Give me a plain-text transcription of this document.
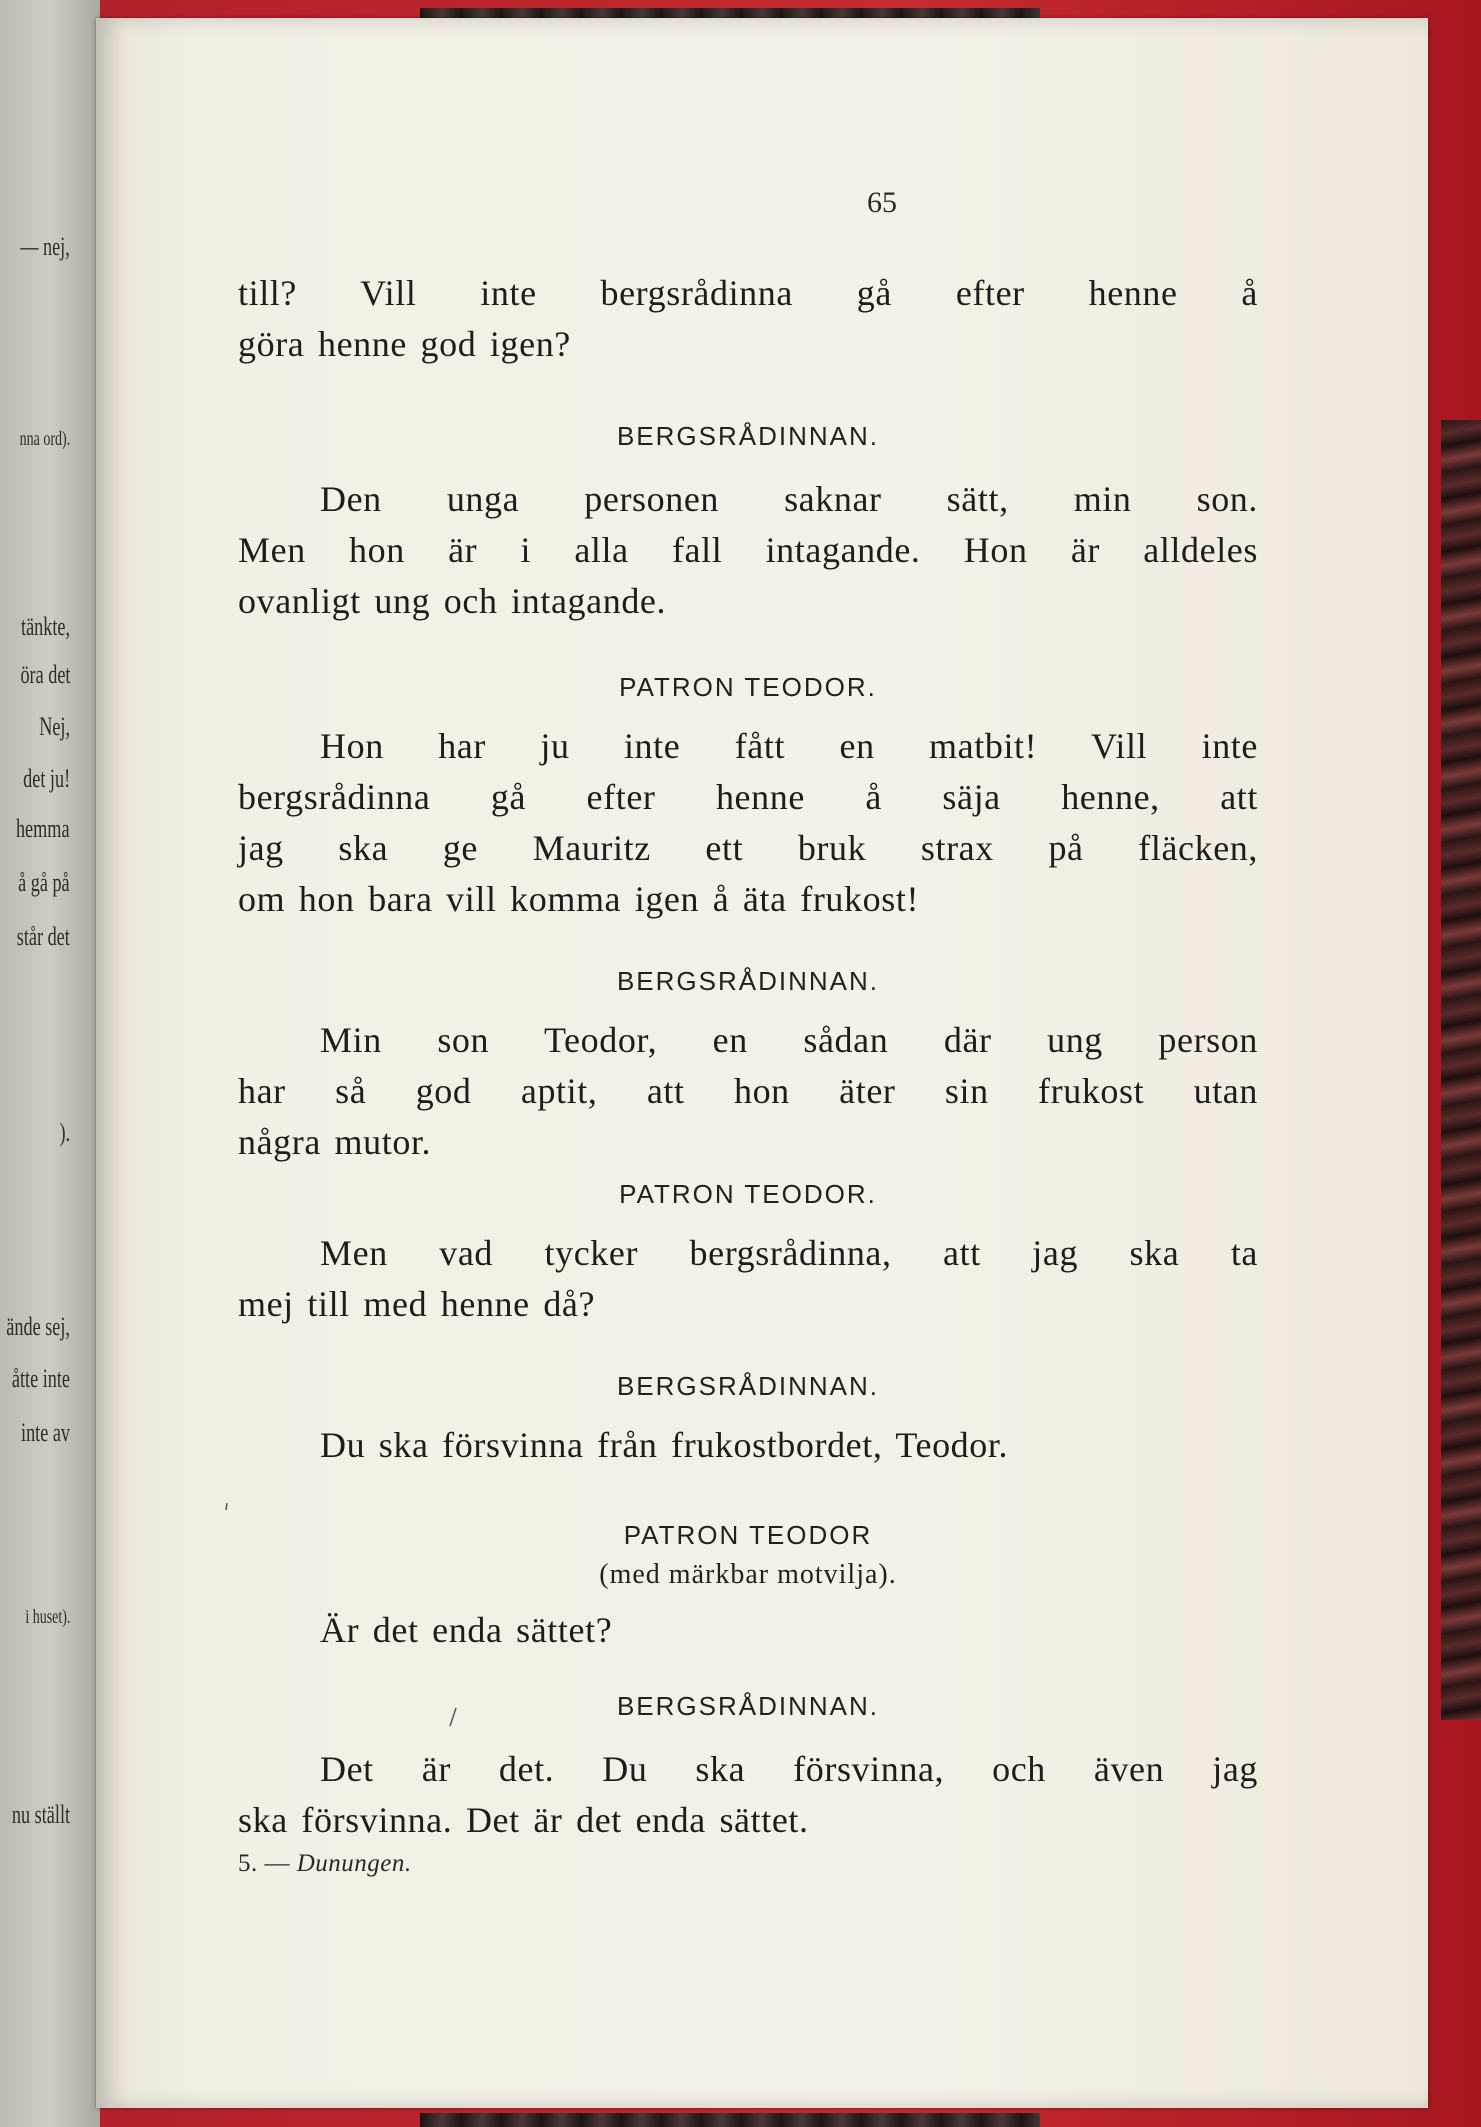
— nej,
nna ord).
tänkte,
öra det
Nej,
det ju!
hemma
å gå på
står det
).
ände sej,
åtte inte
inte av
i huset).
nu ställt
65

till? Vill inte bergsrådinna gå efter henne å
göra henne god igen?

BERGSRÅDINNAN.

Den unga personen saknar sätt, min son.
Men hon är i alla fall intagande. Hon är alldeles
ovanligt ung och intagande.

PATRON TEODOR.

Hon har ju inte fått en matbit! Vill inte
bergsrådinna gå efter henne å säja henne, att
jag ska ge Mauritz ett bruk strax på fläcken,
om hon bara vill komma igen å äta frukost!

BERGSRÅDINNAN.

Min son Teodor, en sådan där ung person
har så god aptit, att hon äter sin frukost utan
några mutor.

PATRON TEODOR.

Men vad tycker bergsrådinna, att jag ska ta
mej till med henne då?

BERGSRÅDINNAN.

Du ska försvinna från frukostbordet, Teodor.

PATRON TEODOR
(med märkbar motvilja).

Är det enda sättet?

BERGSRÅDINNAN.

Det är det. Du ska försvinna, och även jag
ska försvinna. Det är det enda sättet.

5. — Dunungen.
